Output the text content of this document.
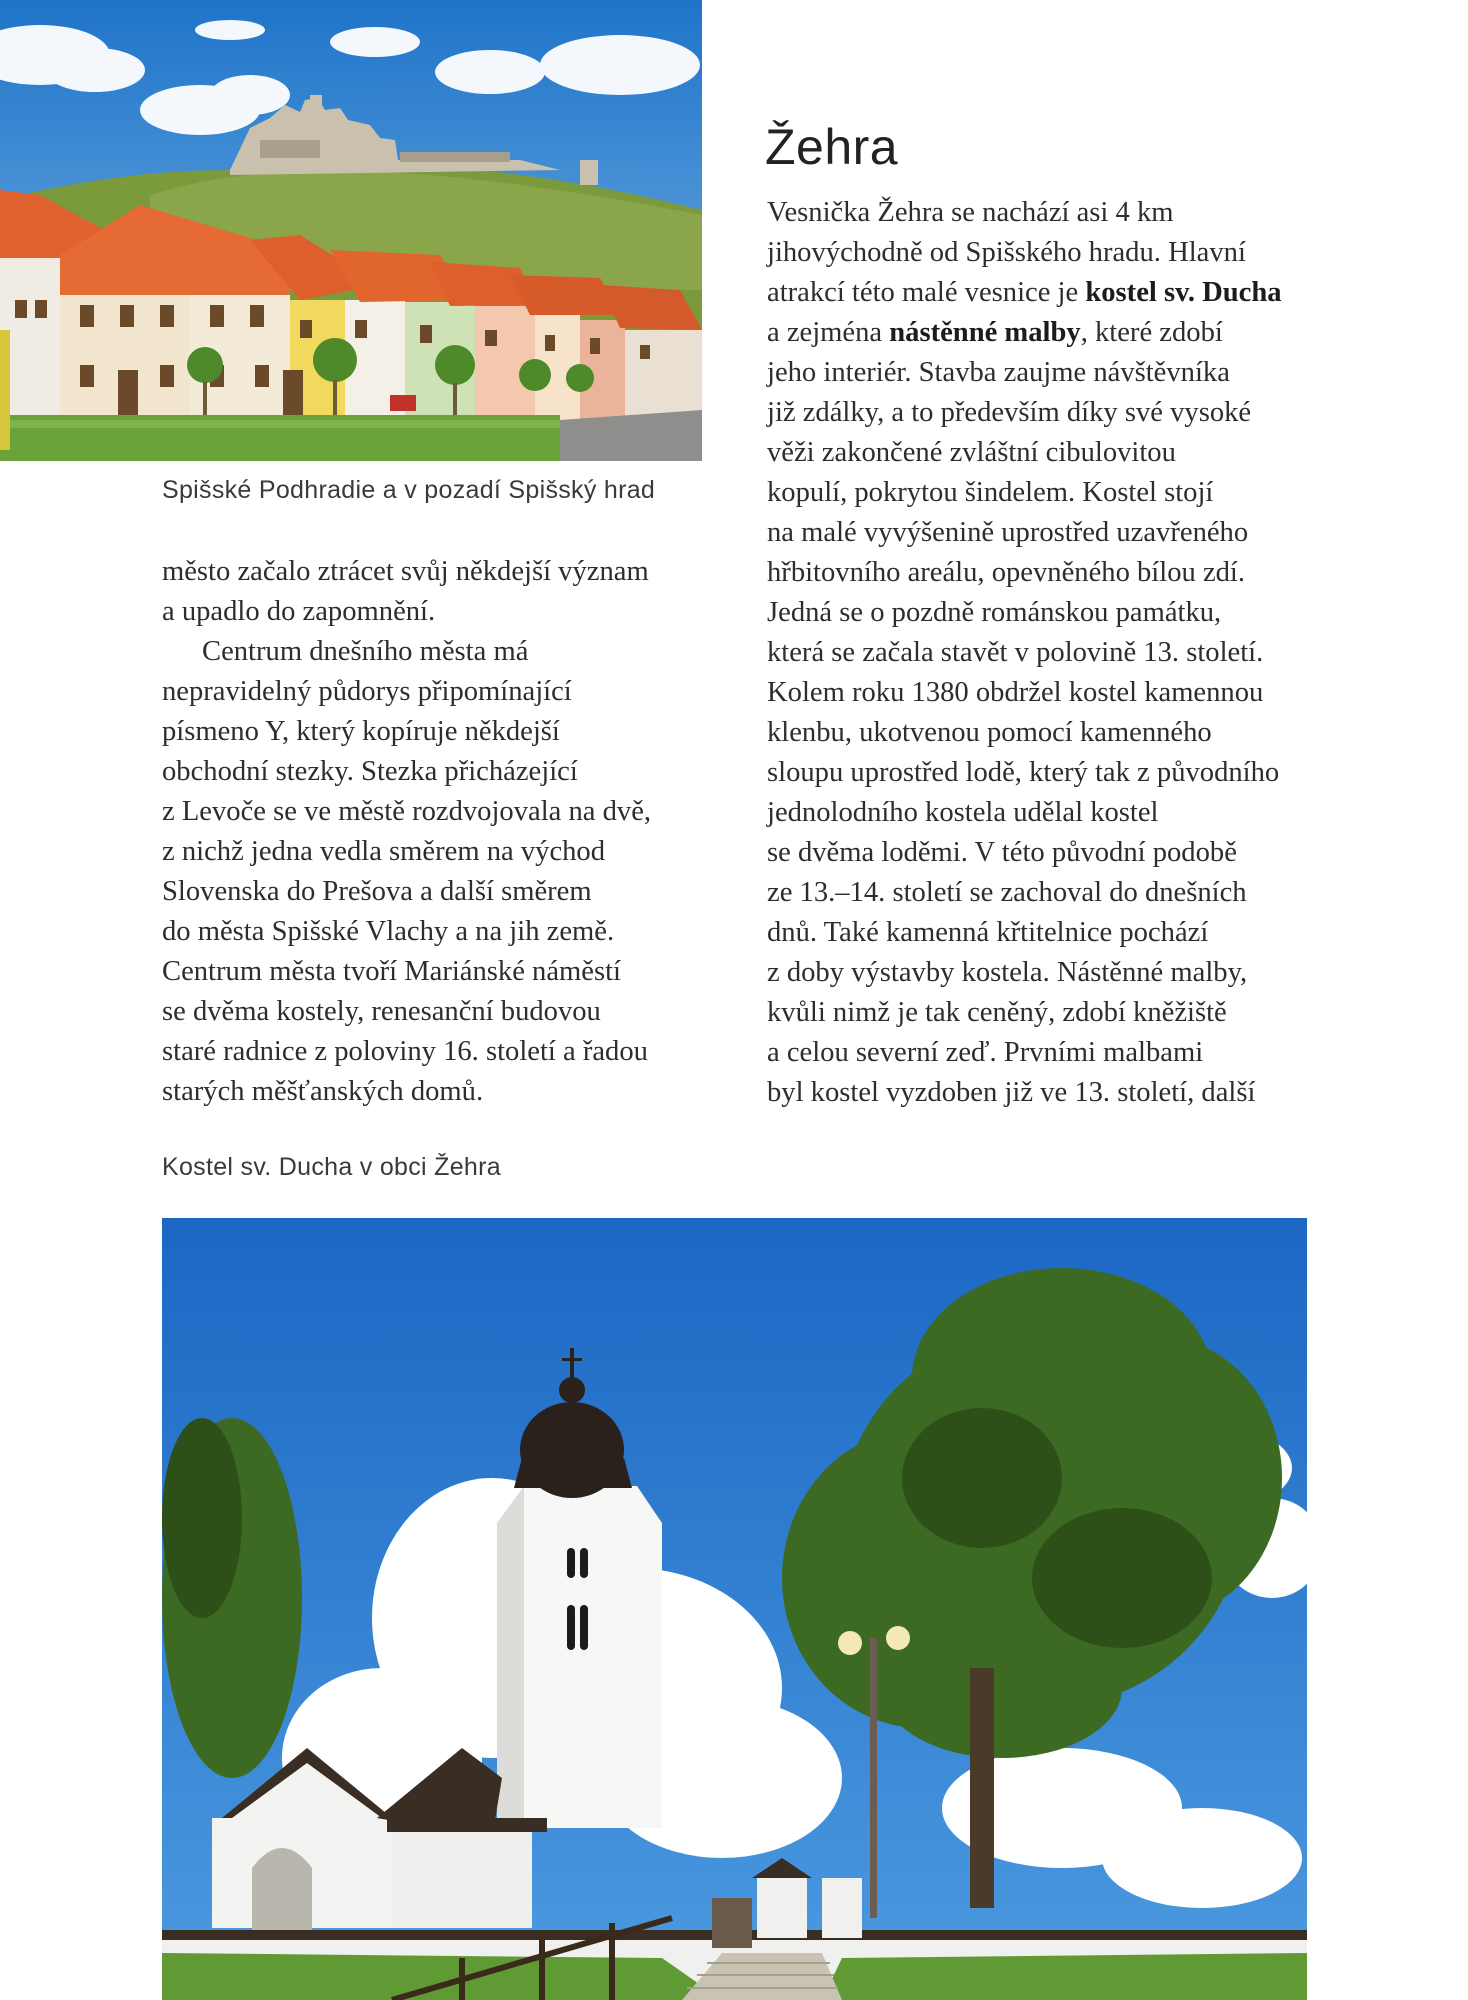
Spišské Podhradie a v pozadí Spišský hrad

město začalo ztrácet svůj někdejší význam

a upadlo do zapomnění.

Centrum dnešního města má

nepravidelný půdorys připomínající

písmeno Y, který kopíruje někdejší

obchodní stezky. Stezka přicházející

z Levoče se ve městě rozdvojovala na dvě,

z nichž jedna vedla směrem na východ

Slovenska do Prešova a další směrem

do města Spišské Vlachy a na jih země.

Centrum města tvoří Mariánské náměstí

se dvěma kostely, renesanční budovou

staré radnice z poloviny 16. století a řadou

starých měšťanských domů.

Žehra

Vesnička Žehra se nachází asi 4 km

jihovýchodně od Spišského hradu. Hlavní

atrakcí této malé vesnice je kostel sv. Ducha

a zejména nástěnné malby, které zdobí

jeho interiér. Stavba zaujme návštěvníka

již zdálky, a to především díky své vysoké

věži zakončené zvláštní cibulovitou

kopulí, pokrytou šindelem. Kostel stojí

na malé vyvýšenině uprostřed uzavřeného

hřbitovního areálu, opevněného bílou zdí.

Jedná se o pozdně románskou památku,

která se začala stavět v polovině 13. století.

Kolem roku 1380 obdržel kostel kamennou

klenbu, ukotvenou pomocí kamenného

sloupu uprostřed lodě, který tak z původního

jednolodního kostela udělal kostel

se dvěma loděmi. V této původní podobě

ze 13.–14. století se zachoval do dnešních

dnů. Také kamenná křtitelnice pochází

z doby výstavby kostela. Nástěnné malby,

kvůli nimž je tak ceněný, zdobí kněžiště

a celou severní zeď. Prvními malbami

byl kostel vyzdoben již ve 13. století, další

Kostel sv. Ducha v obci Žehra
